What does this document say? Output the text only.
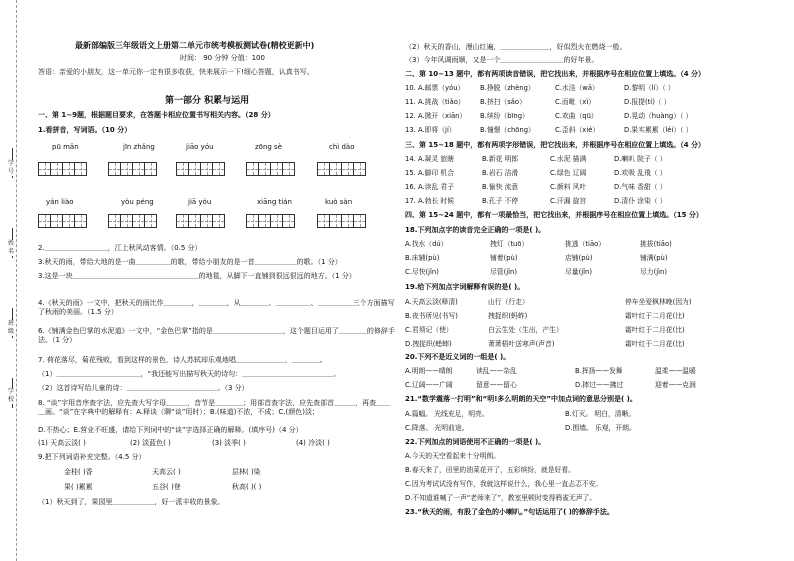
学号
姓名
班级
学校
最新部编版三年级语文上册第二单元市统考模板测试卷(精校更新中)
时间： 90 分钟 分值：100
答语：亲爱的小朋友，这一单元你一定有很多收获，快来展示一下!细心答题，认真书写。
第一部分 积累与运用
一、第 1~9题，根据题目要求，在答题卡相应位置书写相关内容。（28 分）
1.看拼音，写词语。（10 分）
pū mǎn	jīn zhǎng	jiāo yóu	zōng sè	chì dào
yán liào	yòu péng	jiā yóu	xiāng tián	kuò sàn
2.＿＿＿＿＿＿＿＿＿，江上秋风动客情。（0.5 分）
3.秋天的雨，带给大地的是一曲＿＿＿＿＿的歌，带给小朋友的是一首＿＿＿＿＿＿的歌。（1 分）
3.这是一块＿＿＿＿＿＿＿＿＿＿＿＿＿＿＿＿＿＿的地毯，从脚下一直铺到很远很远的地方。（1 分）
4.《秋天的雨》一文中，把秋天的雨比作＿＿＿＿，＿＿＿＿，从＿＿＿＿、＿＿＿＿＿、＿＿＿＿＿三个方面描写了秋雨的美丽。（1.5 分）
6.《铺满金色巴掌的水泥道》一文中，“金色巴掌”指的是＿＿＿＿＿＿＿＿＿＿，这个题目运用了＿＿＿＿的修辞手法。（1 分）
7. 荷花落尽，菊花残败，看到这样的景色，诗人苏轼却乐观地唱＿＿＿＿＿＿＿，＿＿＿＿。
（1）＿＿＿＿＿＿＿＿＿＿＿＿，“我还能写出描写秋天的诗句：＿＿＿＿＿＿＿＿＿＿＿＿＿。
（2）这首诗写给儿童的诗：＿＿＿＿＿＿＿＿＿＿＿＿＿。（3 分）
8. “谈”字用音序查字法，应先查大写字母＿＿＿，音节是＿＿＿＿；用部首查字法，应先查部首＿＿＿，再查＿＿＿画。“谈”在字典中的解释有：A.释谈（聊“谈”用时）；B.(味道)不浓，不成；C.(颜色)淡；
D.不热心；E.营业不旺盛，请给下列词中的“谈”字选择正确的解释。(填序号)（4 分）
(1) 天高云淡( )	(2) 淡蓝色( )	(3) 淡季( )	(4) 冷淡( )
9.把下列词语补充完整。（4.5 分）
金桂( )香	天高云( )	层林( )染
果( )累累	五谷( )登	秋高( )( )
（1）秋天到了，果园里＿＿＿＿＿＿，好一派丰收的景象。
（2）秋天的香山，漫山红遍，＿＿＿＿＿＿＿，好似烈火在燃烧一般。
（3）今年风调雨顺，又是一个＿＿＿＿＿＿＿＿＿的好年景。
二、第 10~13 题中，都有两项读音错误，把它找出来，并根据序号在相应位置上填选。（4 分）
10. A.邮票（yóu） B.挣脱（zhèng）	C.水洼（wā）	D.黎明（lí）（ ）
11. A.挑战（tiǎo） B.挤扫（sǎo）	C.而毗（xì）	D.报提(tí)（ ）
12. A.掀开（xiān） B.缤纷（bīng）	C.欢曲（qū）	D.晃动（huàng）（ ）
13. A.即将（jí）	B.憧憬（chōng）	C.歪斜（xié）	D.果实累累（léi）（ ）
三、第 15~18 题中，都有两项字形错误，把它找出来，并根据序号在相应位置上填选。（4 分）
14. A.凝灵 旅瞎	B.新花 明郎	C.水泥 描满	D.喇叭 院子（ ）
15. A.脚印 机合	B.岩石 洁滑	C.绿色 辽阔	D.欢吸 乱飛（ ）
16. A.读乱 君子	B.愉快 流意	C.颜料 风叶	D.气味 香甜（ ）
17. A.勃长 时候	B.孔子 不停	C.汗漏 旋宫	D.清仆 涂染（ ）
四、第 15~24 题中，都有一项最恰当，把它找出来，并根据序号在相应位置上填选。（15 分）
18.下列加点字的读音完全正确的一项是( )。
A.找水（dú）	拽灯（tuō）	挑逃（tiāo）	挑拔(tiāo)
B.床辅(pù)	铺着(pù)	店铺(pù)	铺满(pù)
C.尽快(jǐn)	尽管(jǐn)	尽量(jǐn)	尽力(jìn)
19.给下列加点字词解释有误的是( )。
A.天高云淡(释清)	山行（行走）	停车坐爱枫林晚(因为)
B.夜书所见(书写)	拽捉织(蚂蚱)	霜叶红于二月花(比)
C.君须记（使）	白云生处（生出，产生）	霜叶红于二月花(比)
D.拽捉织(蟋蟀)	萧萧梧叶送寒声(声音)	霜叶红于二月花(比)
20.下列不是近义词的一组是( )。
A.明朗——晴朗	读乱——杂乱	B.挥扬——发舞	温柔——温暖
C.辽阔——广阔	留意——留心	D.摔过——拂过	迎着——克润
21.“数学震落一打明”和“明!多么明朗的天空”中加点词的意思分别是( )。
A.篇幅。 光线充足，明亮。	B.灯灭。 明白，清晰。
C.降落。 光明前途。	D.围墙。 乐观，开朗。
22.下列加点的词语使用不正确的一项是( )。
A.今天的天空看起来十分明朗。
B.春天来了，田里的油菜花开了，五彩缤纷，就是好看。
C.因为考试试没有写作，我就这样说什么，我心里一直忐忑不安。
D.不知道谁喊了一声“老师来了”，教室里顿时变得鸦雀无声了。
23.“秋天的雨，有股了金色的小喇叭。”句话运用了( )的修辞手法。
